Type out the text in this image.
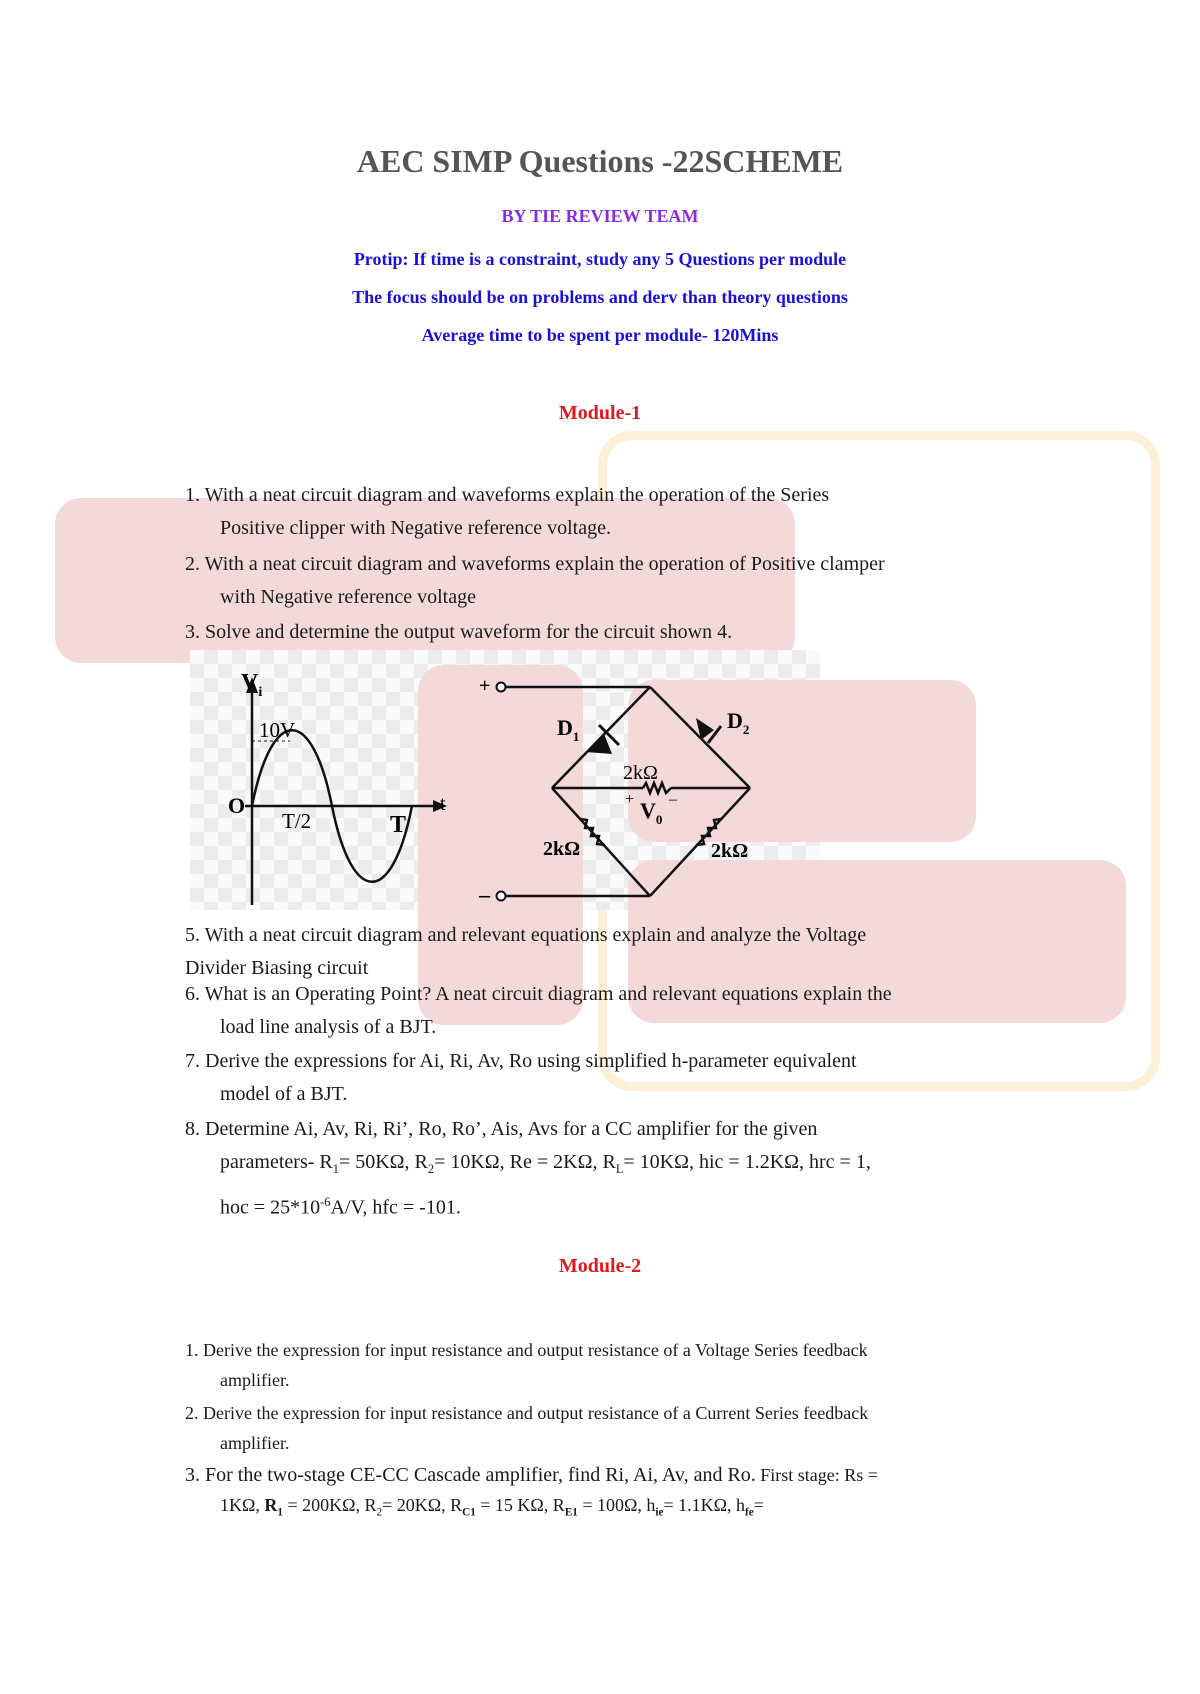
AEC SIMP Questions -22SCHEME
BY TIE REVIEW TEAM
Protip: If time is a constraint, study any 5 Questions per module
The focus should be on problems and derv than theory questions
Average time to be spent per module- 120Mins
Module-1
1. With a neat circuit diagram and waveforms explain the operation of the Series
Positive clipper with Negative reference voltage.
2. With a neat circuit diagram and waveforms explain the operation of Positive clamper
with Negative reference voltage
3. Solve and determine the output waveform for the circuit shown 4.
$V_i$
10V
O
T/2	T
t
+
–
$D_1$
$D_2$
2kΩ
+ –
$V_0$
2kΩ	2kΩ
5. With a neat circuit diagram and relevant equations explain and analyze the Voltage
Divider Biasing circuit
6. What is an Operating Point? A neat circuit diagram and relevant equations explain the
load line analysis of a BJT.
7. Derive the expressions for Ai, Ri, Av, Ro using simplified h-parameter equivalent
model of a BJT.
8. Determine Ai, Av, Ri, Ri’, Ro, Ro’, Ais, Avs for a CC amplifier for the given
parameters- $R_1= 50K\Omega$, $R_2= 10K\Omega$, Re = 2KΩ, $R_L= 10K\Omega$, hic = 1.2KΩ, hrc = 1,
hoc = $25*10^{-6}A/V$, hfc = -101.
Module-2
1. Derive the expression for input resistance and output resistance of a Voltage Series feedback
amplifier.
2. Derive the expression for input resistance and output resistance of a Current Series feedback
amplifier.
3. For the two-stage CE-CC Cascade amplifier, find Ri, Ai, Av, and Ro. First stage: Rs =
1KΩ, $R_1 = 200K\Omega$, $R_2= 20K\Omega$, $R_{C1} = 15$ KΩ, $R_{E1} = 100\Omega$, $h_{ie}= 1.1K\Omega$, $h_{fe}=$
